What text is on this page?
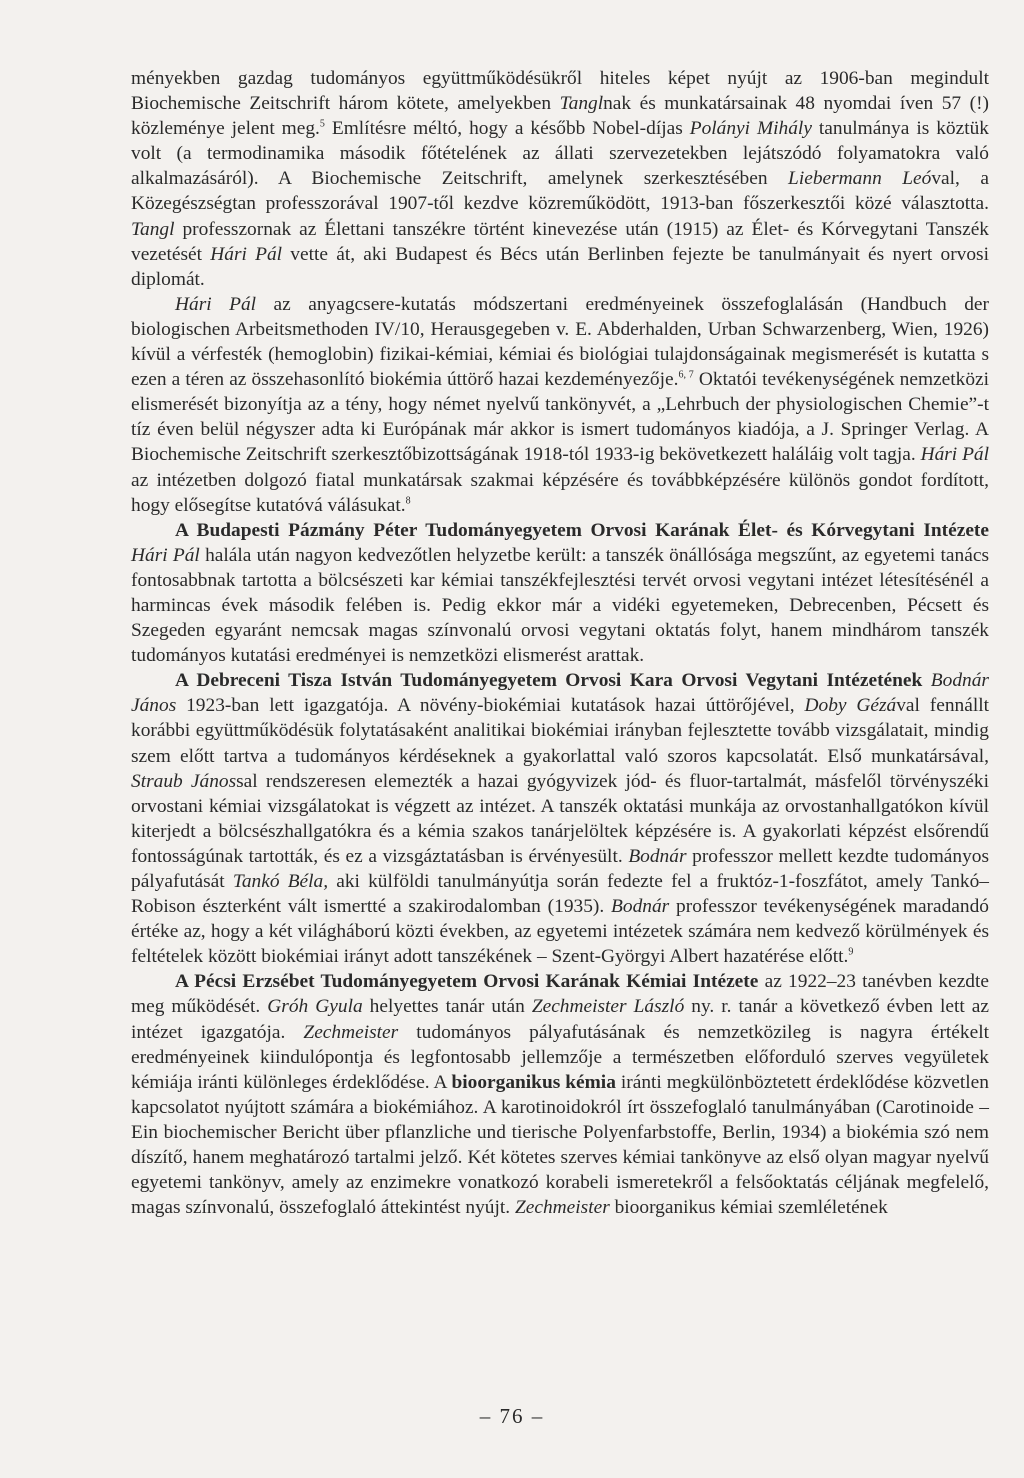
ményekben gazdag tudományos együttműködésükről hiteles képet nyújt az 1906-ban megindult Biochemische Zeitschrift három kötete, amelyekben Tanglnak és munkatársainak 48 nyomdai íven 57 (!) közleménye jelent meg.$^5$ Említésre méltó, hogy a később Nobel-díjas Polányi Mihály tanulmánya is köztük volt (a termodinamika második főtételének az állati szervezetekben lejátszódó folyamatokra való alkalmazásáról). A Biochemische Zeitschrift, amelynek szerkesztésében Liebermann Leóval, a Közegészségtan professzorával 1907-től kezdve közreműködött, 1913-ban főszerkesztői közé választotta. Tangl professzornak az Élettani tanszékre történt kinevezése után (1915) az Élet- és Kórvegytani Tanszék vezetését Hári Pál vette át, aki Budapest és Bécs után Berlinben fejezte be tanulmányait és nyert orvosi diplomát.

Hári Pál az anyagcsere-kutatás módszertani eredményeinek összefoglalásán (Handbuch der biologischen Arbeitsmethoden IV/10, Herausgegeben v. E. Abderhalden, Urban Schwarzenberg, Wien, 1926) kívül a vérfesték (hemoglobin) fizikai-kémiai, kémiai és biológiai tulajdonságainak megismerését is kutatta s ezen a téren az összehasonlító biokémia úttörő hazai kezdeményezője.$^{6, 7}$ Oktatói tevékenységének nemzetközi elismerését bizonyítja az a tény, hogy német nyelvű tankönyvét, a „Lehrbuch der physiologischen Chemie”-t tíz éven belül négyszer adta ki Európának már akkor is ismert tudományos kiadója, a J. Springer Verlag. A Biochemische Zeitschrift szerkesztőbizottságának 1918-tól 1933-ig bekövetkezett haláláig volt tagja. Hári Pál az intézetben dolgozó fiatal munkatársak szakmai képzésére és továbbképzésére különös gondot fordított, hogy elősegítse kutatóvá válásukat.$^8$

A Budapesti Pázmány Péter Tudományegyetem Orvosi Karának Élet- és Kórvegytani Intézete Hári Pál halála után nagyon kedvezőtlen helyzetbe került: a tanszék önállósága megszűnt, az egyetemi tanács fontosabbnak tartotta a bölcsészeti kar kémiai tanszékfejlesztési tervét orvosi vegytani intézet létesítésénél a harmincas évek második felében is. Pedig ekkor már a vidéki egyetemeken, Debrecenben, Pécsett és Szegeden egyaránt nemcsak magas színvonalú orvosi vegytani oktatás folyt, hanem mindhárom tanszék tudományos kutatási eredményei is nemzetközi elismerést arattak.

A Debreceni Tisza István Tudományegyetem Orvosi Kara Orvosi Vegytani Intézetének Bodnár János 1923-ban lett igazgatója. A növény-biokémiai kutatások hazai úttörőjével, Doby Gézával fennállt korábbi együttműködésük folytatásaként analitikai biokémiai irányban fejlesztette tovább vizsgálatait, mindig szem előtt tartva a tudományos kérdéseknek a gyakorlattal való szoros kapcsolatát. Első munkatársával, Straub Jánossal rendszeresen elemezték a hazai gyógyvizek jód- és fluor-tartalmát, másfelől törvényszéki orvostani kémiai vizsgálatokat is végzett az intézet. A tanszék oktatási munkája az orvostanhallgatókon kívül kiterjedt a bölcsészhallgatókra és a kémia szakos tanárjelöltek képzésére is. A gyakorlati képzést elsőrendű fontosságúnak tartották, és ez a vizsgáztatásban is érvényesült. Bodnár professzor mellett kezdte tudományos pályafutását Tankó Béla, aki külföldi tanulmányútja során fedezte fel a fruktóz-1-foszfátot, amely Tankó–Robison észterként vált ismertté a szakirodalomban (1935). Bodnár professzor tevékenységének maradandó értéke az, hogy a két világháború közti években, az egyetemi intézetek számára nem kedvező körülmények és feltételek között biokémiai irányt adott tanszékének – Szent-Györgyi Albert hazatérése előtt.$^9$

A Pécsi Erzsébet Tudományegyetem Orvosi Karának Kémiai Intézete az 1922–23 tanévben kezdte meg működését. Gróh Gyula helyettes tanár után Zechmeister László ny. r. tanár a következő évben lett az intézet igazgatója. Zechmeister tudományos pályafutásának és nemzetközileg is nagyra értékelt eredményeinek kiindulópontja és legfontosabb jellemzője a természetben előforduló szerves vegyületek kémiája iránti különleges érdeklődése. A bioorganikus kémia iránti megkülönböztetett érdeklődése közvetlen kapcsolatot nyújtott számára a biokémiához. A karotinoidokról írt összefoglaló tanulmányában (Carotinoide – Ein biochemischer Bericht über pflanzliche und tierische Polyenfarbstoffe, Berlin, 1934) a biokémia szó nem díszítő, hanem meghatározó tartalmi jelző. Két kötetes szerves kémiai tankönyve az első olyan magyar nyelvű egyetemi tankönyv, amely az enzimekre vonatkozó korabeli ismeretekről a felsőoktatás céljának megfelelő, magas színvonalú, összefoglaló áttekintést nyújt. Zechmeister bioorganikus kémiai szemléletének

– 76 –
